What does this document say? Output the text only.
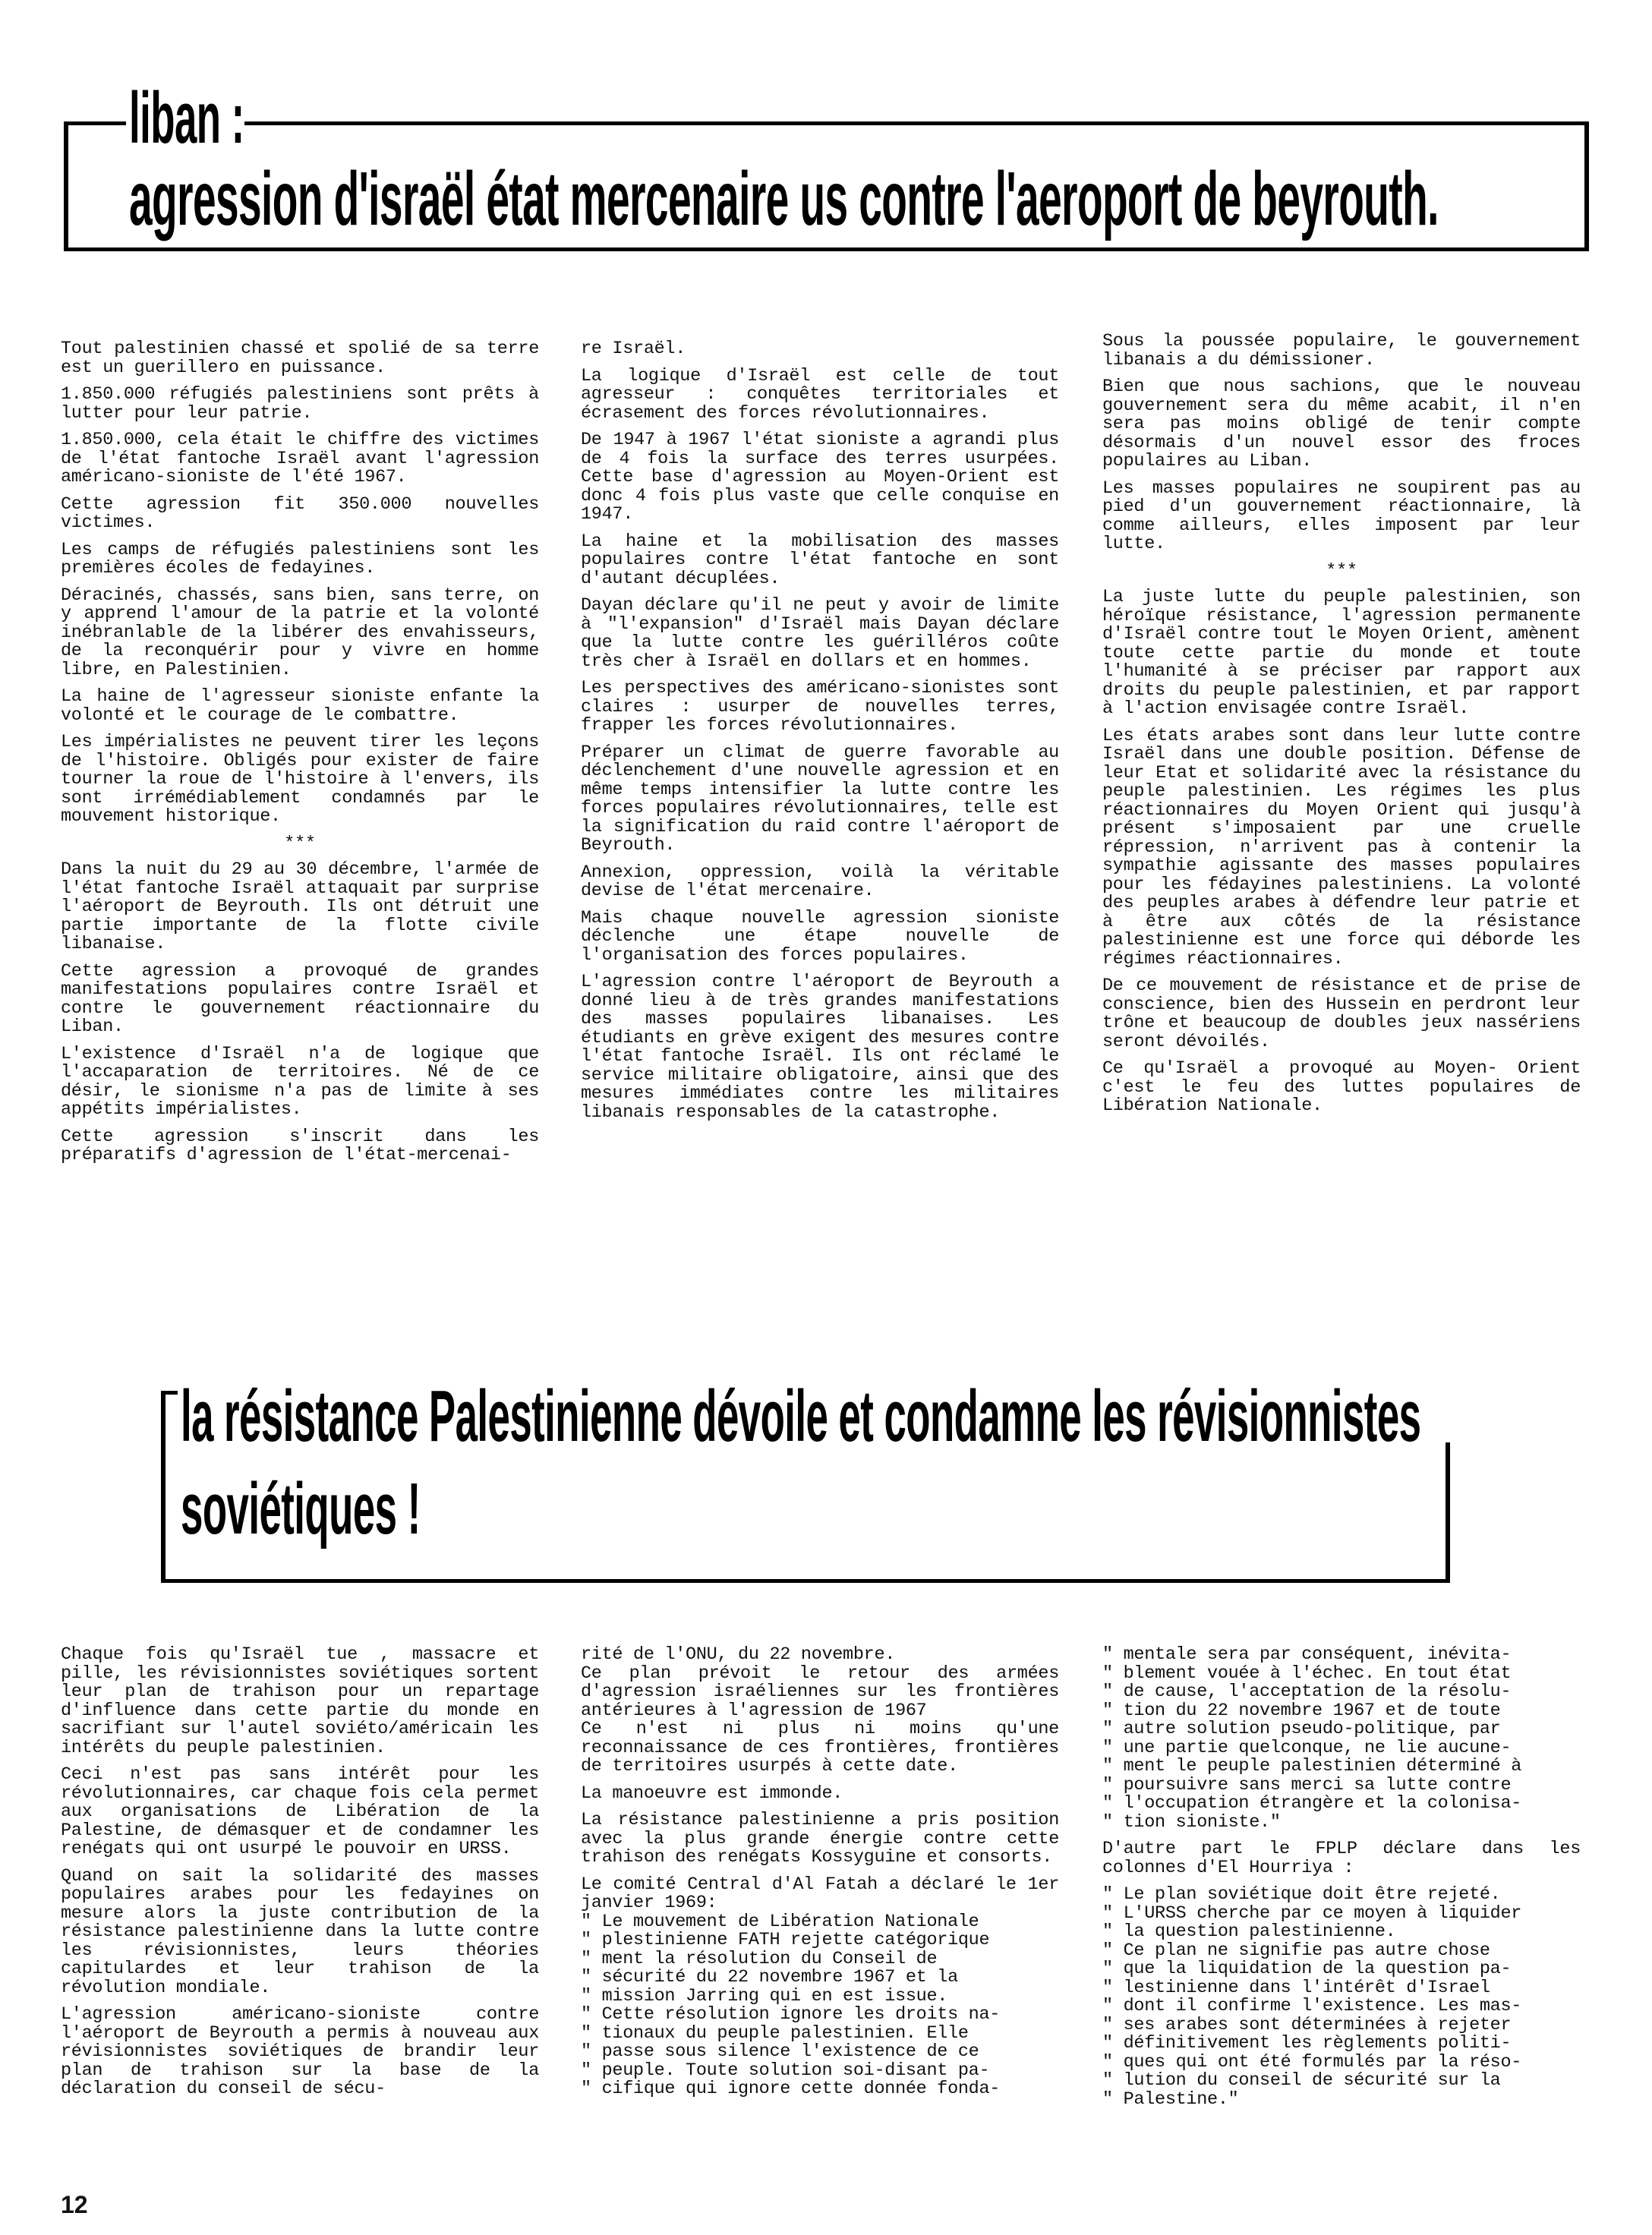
liban :
agression d'israël état mercenaire us contre l'aeroport de beyrouth.

Tout palestinien chassé et spolié de sa terre est un guerillero en puissance.

1.850.000 réfugiés palestiniens sont prêts à lutter pour leur patrie.

1.850.000, cela était le chiffre des victimes de l'état fantoche Israël avant l'agression américano-sioniste de l'été 1967.

Cette agression fit 350.000 nouvelles victimes.

Les camps de réfugiés palestiniens sont les premières écoles de fedayines.

Déracinés, chassés, sans bien, sans terre, on y apprend l'amour de la patrie et la volonté inébranlable de la libérer des envahisseurs, de la reconquérir pour y vivre en homme libre, en Palestinien.

La haine de l'agresseur sioniste enfante la volonté et le courage de le combattre.

Les impérialistes ne peuvent tirer les leçons de l'histoire. Obligés pour exister de faire tourner la roue de l'histoire à l'envers, ils sont irrémédiablement condamnés par le mouvement historique.

***

Dans la nuit du 29 au 30 décembre, l'armée de l'état fantoche Israël attaquait par surprise l'aéroport de Beyrouth. Ils ont détruit une partie importante de la flotte civile libanaise.

Cette agression a provoqué de grandes manifestations populaires contre Israël et contre le gouvernement réactionnaire du Liban.

L'existence d'Israël n'a de logique que l'accaparation de territoires. Né de ce désir, le sionisme n'a pas de limite à ses appétits impérialistes.

Cette agression s'inscrit dans les préparatifs d'agression de l'état-mercenai-

re Israël.

La logique d'Israël est celle de tout agresseur : conquêtes territoriales et écrasement des forces révolutionnaires.

De 1947 à 1967 l'état sioniste a agrandi plus de 4 fois la surface des terres usurpées. Cette base d'agression au Moyen-Orient est donc 4 fois plus vaste que celle conquise en 1947.

La haine et la mobilisation des masses populaires contre l'état fantoche en sont d'autant décuplées.

Dayan déclare qu'il ne peut y avoir de limite à "l'expansion" d'Israël mais Dayan déclare que la lutte contre les guérilléros coûte très cher à Israël en dollars et en hommes.

Les perspectives des américano-sionistes sont claires : usurper de nouvelles terres, frapper les forces révolutionnaires.

Préparer un climat de guerre favorable au déclenchement d'une nouvelle agression et en même temps intensifier la lutte contre les forces populaires révolutionnaires, telle est la signification du raid contre l'aéroport de Beyrouth.

Annexion, oppression, voilà la véritable devise de l'état mercenaire.

Mais chaque nouvelle agression sioniste déclenche une étape nouvelle de l'organisation des forces populaires.

L'agression contre l'aéroport de Beyrouth a donné lieu à de très grandes manifestations des masses populaires libanaises. Les étudiants en grève exigent des mesures contre l'état fantoche Israël. Ils ont réclamé le service militaire obligatoire, ainsi que des mesures immédiates contre les militaires libanais responsables de la catastrophe.

Sous la poussée populaire, le gouvernement libanais a du démissioner.

Bien que nous sachions, que le nouveau gouvernement sera du même acabit, il n'en sera pas moins obligé de tenir compte désormais d'un nouvel essor des froces populaires au Liban.

Les masses populaires ne soupirent pas au pied d'un gouvernement réactionnaire, là comme ailleurs, elles imposent par leur lutte.

***

La juste lutte du peuple palestinien, son héroïque résistance, l'agression permanente d'Israël contre tout le Moyen Orient, amènent toute cette partie du monde et toute l'humanité à se préciser par rapport aux droits du peuple palestinien, et par rapport à l'action envisagée contre Israël.

Les états arabes sont dans leur lutte contre Israël dans une double position. Défense de leur Etat et solidarité avec la résistance du peuple palestinien. Les régimes les plus réactionnaires du Moyen Orient qui jusqu'à présent s'imposaient par une cruelle répression, n'arrivent pas à contenir la sympathie agissante des masses populaires pour les fédayines palestiniens. La volonté des peuples arabes à défendre leur patrie et à être aux côtés de la résistance palestinienne est une force qui déborde les régimes réactionnaires.

De ce mouvement de résistance et de prise de conscience, bien des Hussein en perdront leur trône et beaucoup de doubles jeux nassériens seront dévoilés.

Ce qu'Israël a provoqué au Moyen- Orient c'est le feu des luttes populaires de Libération Nationale.

la résistance Palestinienne dévoile et condamne les révisionnistes
soviétiques !

Chaque fois qu'Israël tue , massacre et pille, les révisionnistes soviétiques sortent leur plan de trahison pour un repartage d'influence dans cette partie du monde en sacrifiant sur l'autel soviéto/américain les intérêts du peuple palestinien.

Ceci n'est pas sans intérêt pour les révolutionnaires, car chaque fois cela permet aux organisations de Libération de la Palestine, de démasquer et de condamner les renégats qui ont usurpé le pouvoir en URSS.

Quand on sait la solidarité des masses populaires arabes pour les fedayines on mesure alors la juste contribution de la résistance palestinienne dans la lutte contre les révisionnistes, leurs théories capitulardes et leur trahison de la révolution mondiale.

L'agression américano-sioniste contre l'aéroport de Beyrouth a permis à nouveau aux révisionnistes soviétiques de brandir leur plan de trahison sur la base de la déclaration du conseil de sécu-

rité de l'ONU, du 22 novembre.

Ce plan prévoit le retour des armées d'agression israéliennes sur les frontières antérieures à l'agression de 1967

Ce n'est ni plus ni moins qu'une reconnaissance de ces frontières, frontières de territoires usurpés à cette date.

La manoeuvre est immonde.

La résistance palestinienne a pris position avec la plus grande énergie contre cette trahison des renégats Kossyguine et consorts.

Le comité Central d'Al Fatah a déclaré le 1er janvier 1969:

" Le mouvement de Libération Nationale

" plestinienne FATH rejette catégorique

" ment la résolution du Conseil de

" sécurité du 22 novembre 1967 et la

" mission Jarring qui en est issue.

" Cette résolution ignore les droits na-

" tionaux du peuple palestinien. Elle

" passe sous silence l'existence de ce

" peuple. Toute solution soi-disant pa-

" cifique qui ignore cette donnée fonda-

" mentale sera par conséquent, inévita-

" blement vouée à l'échec. En tout état

" de cause, l'acceptation de la résolu-

" tion du 22 novembre 1967 et de toute

" autre solution pseudo-politique, par

" une partie quelconque, ne lie aucune-

" ment le peuple palestinien déterminé à

" poursuivre sans merci sa lutte contre

" l'occupation étrangère et la colonisa-

" tion sioniste."

D'autre part le FPLP déclare dans les colonnes d'El Hourriya :

" Le plan soviétique doit être rejeté.

" L'URSS cherche par ce moyen à liquider

" la question palestinienne.

" Ce plan ne signifie pas autre chose

" que la liquidation de la question pa-

" lestinienne dans l'intérêt d'Israel

" dont il confirme l'existence. Les mas-

" ses arabes sont déterminées à rejeter

" définitivement les règlements politi-

" ques qui ont été formulés par la réso-

" lution du conseil de sécurité sur la

" Palestine."

12
